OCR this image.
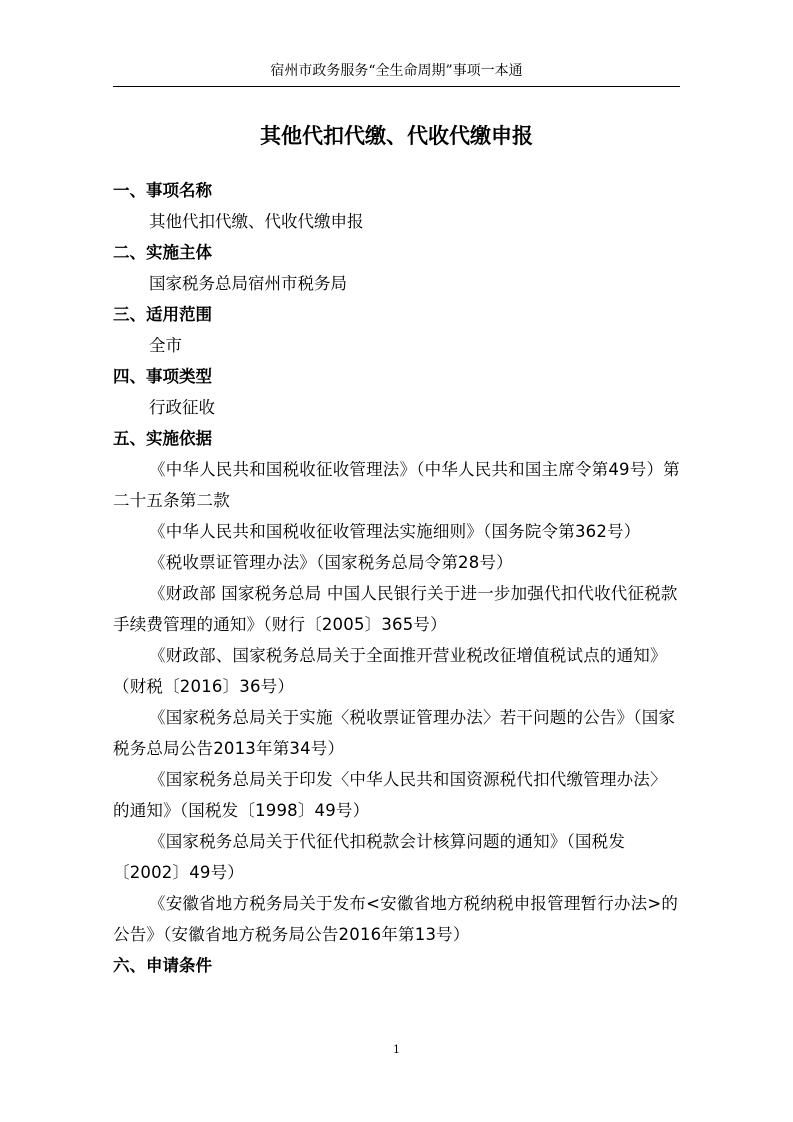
宿州市政务服务“全生命周期”事项一本通
其他代扣代缴、代收代缴申报

一、事项名称

其他代扣代缴、代收代缴申报

二、实施主体

国家税务总局宿州市税务局

三、适用范围

全市

四、事项类型

行政征收

五、实施依据

《中华人民共和国税收征收管理法》（中华人民共和国主席令第49号）第二十五条第二款

《中华人民共和国税收征收管理法实施细则》（国务院令第362号）

《税收票证管理办法》（国家税务总局令第28号）

《财政部 国家税务总局 中国人民银行关于进一步加强代扣代收代征税款手续费管理的通知》（财行〔2005〕365号）

《财政部、国家税务总局关于全面推开营业税改征增值税试点的通知》（财税〔2016〕36号）

《国家税务总局关于实施〈税收票证管理办法〉若干问题的公告》（国家税务总局公告2013年第34号）

《国家税务总局关于印发〈中华人民共和国资源税代扣代缴管理办法〉的通知》（国税发〔1998〕49号）

《国家税务总局关于代征代扣税款会计核算问题的通知》（国税发〔2002〕49号）

《安徽省地方税务局关于发布<安徽省地方税纳税申报管理暂行办法>的公告》（安徽省地方税务局公告2016年第13号）

六、申请条件

1
